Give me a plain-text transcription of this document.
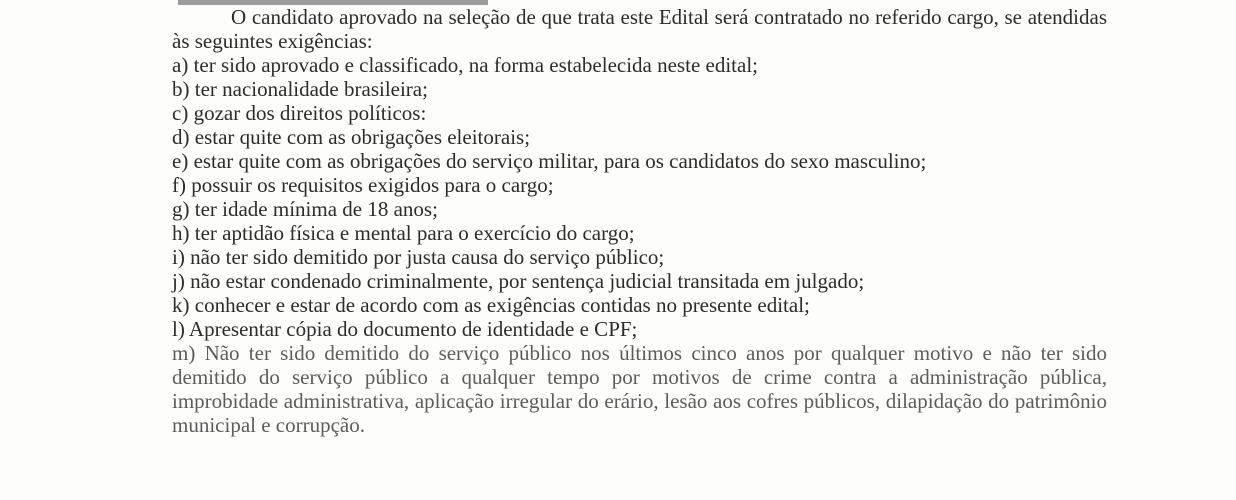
O candidato aprovado na seleção de que trata este Edital será contratado no referido cargo, se atendidas às seguintes exigências:

a) ter sido aprovado e classificado, na forma estabelecida neste edital;
b) ter nacionalidade brasileira;
c) gozar dos direitos políticos:
d) estar quite com as obrigações eleitorais;
e) estar quite com as obrigações do serviço militar, para os candidatos do sexo masculino;
f) possuir os requisitos exigidos para o cargo;
g) ter idade mínima de 18 anos;
h) ter aptidão física e mental para o exercício do cargo;
i) não ter sido demitido por justa causa do serviço público;
j) não estar condenado criminalmente, por sentença judicial transitada em julgado;
k) conhecer e estar de acordo com as exigências contidas no presente edital;
l) Apresentar cópia do documento de identidade e CPF;
m) Não ter sido demitido do serviço público nos últimos cinco anos por qualquer motivo e não ter sido demitido do serviço público a qualquer tempo por motivos de crime contra a administração pública, improbidade administrativa, aplicação irregular do erário, lesão aos cofres públicos, dilapidação do patrimônio municipal e corrupção.
